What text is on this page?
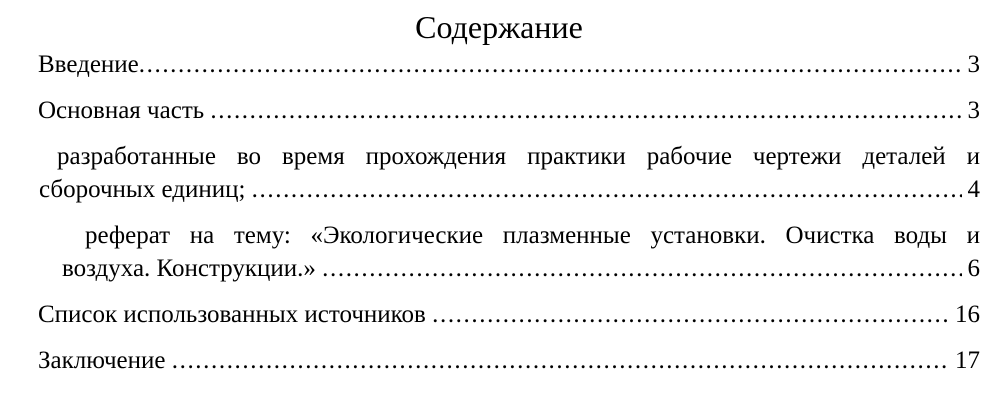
Содержание
Введение .....	3
Основная часть .....	3
разработанные во время прохождения практики рабочие чертежи деталей и
сборочных единиц; .....	4
реферат на тему: «Экологические плазменные установки. Очистка воды и
воздуха. Конструкции.» .....	6
Список использованных источников .....	16
Заключение .....	17
